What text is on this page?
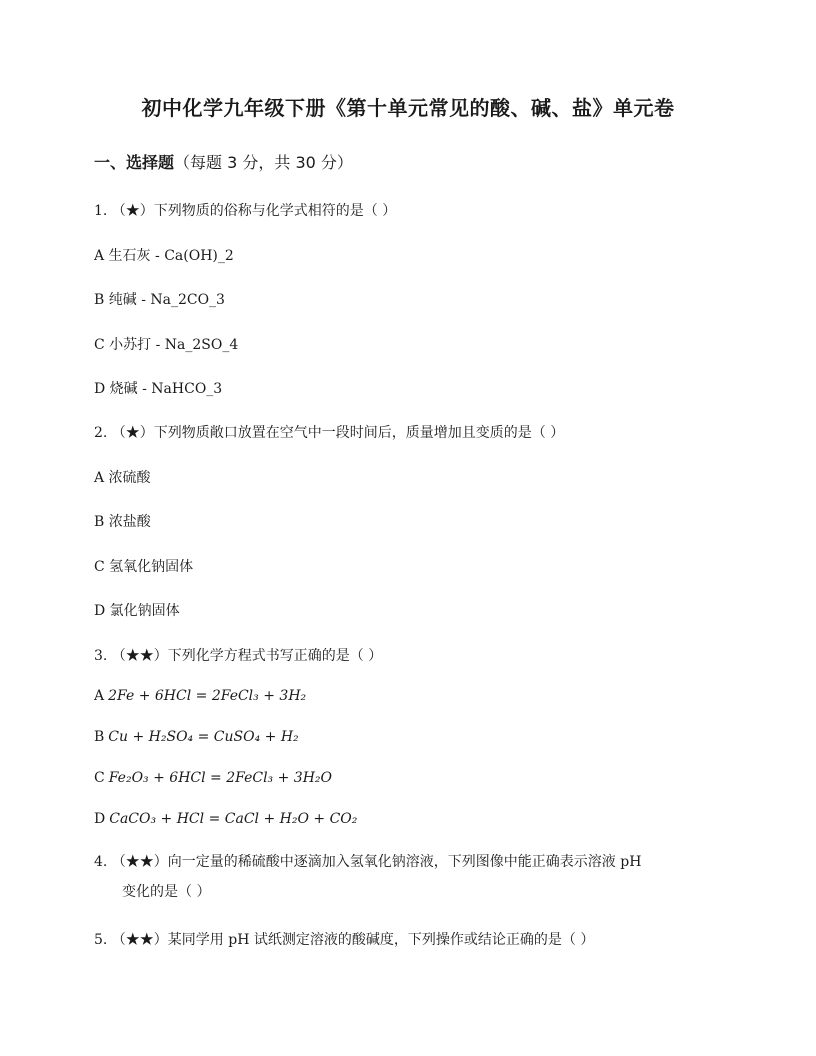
初中化学九年级下册《第十单元常见的酸、碱、盐》单元卷
一、选择题（每题 3 分，共 30 分）
1. （★）下列物质的俗称与化学式相符的是（ ）
A 生石灰 - Ca(OH)_2
B 纯碱 - Na_2CO_3
C 小苏打 - Na_2SO_4
D 烧碱 - NaHCO_3
2. （★）下列物质敞口放置在空气中一段时间后，质量增加且变质的是（ ）
A 浓硫酸
B 浓盐酸
C 氢氧化钠固体
D 氯化钠固体
3. （★★）下列化学方程式书写正确的是（ ）
A 2Fe + 6HCl = 2FeCl₃ + 3H₂
B Cu + H₂SO₄ = CuSO₄ + H₂
C Fe₂O₃ + 6HCl = 2FeCl₃ + 3H₂O
D CaCO₃ + HCl = CaCl + H₂O + CO₂
4. （★★）向一定量的稀硫酸中逐滴加入氢氧化钠溶液，下列图像中能正确表示溶液 pH
变化的是（ ）
5. （★★）某同学用 pH 试纸测定溶液的酸碱度，下列操作或结论正确的是（ ）
